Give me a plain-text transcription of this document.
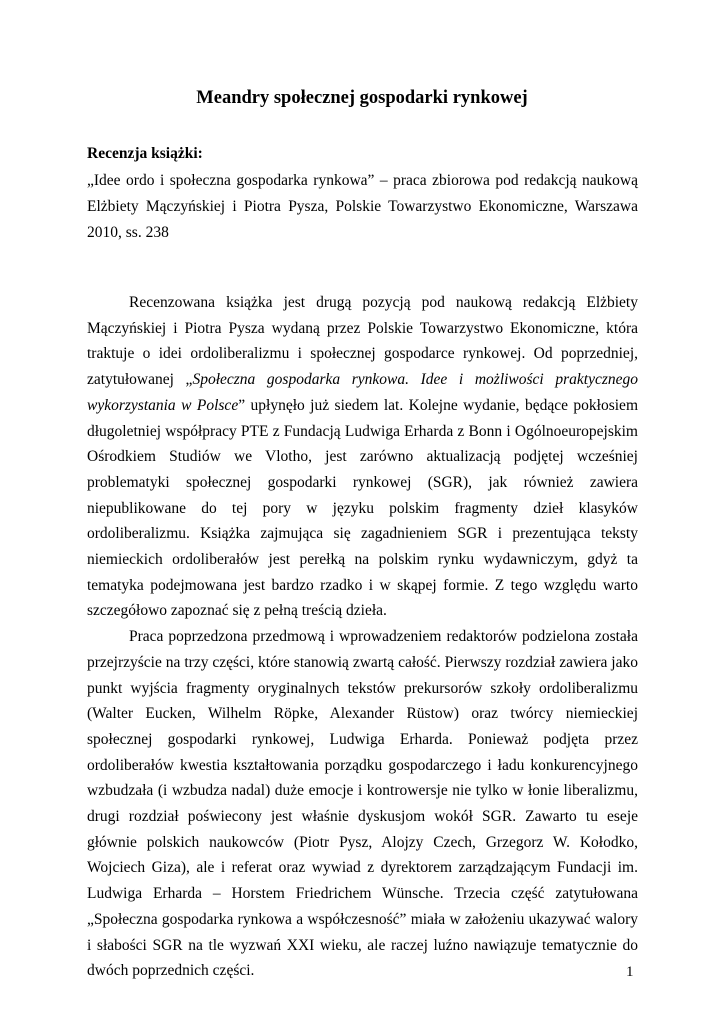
Meandry społecznej gospodarki rynkowej
Recenzja książki:
„Idee ordo i społeczna gospodarka rynkowa” – praca zbiorowa pod redakcją naukową Elżbiety Mączyńskiej i Piotra Pysza, Polskie Towarzystwo Ekonomiczne, Warszawa 2010, ss. 238

Recenzowana książka jest drugą pozycją pod naukową redakcją Elżbiety Mączyńskiej i Piotra Pysza wydaną przez Polskie Towarzystwo Ekonomiczne, która traktuje o idei ordoliberalizmu i społecznej gospodarce rynkowej. Od poprzedniej, zatytułowanej „Społeczna gospodarka rynkowa. Idee i możliwości praktycznego wykorzystania w Polsce” upłynęło już siedem lat. Kolejne wydanie, będące pokłosiem długoletniej współpracy PTE z Fundacją Ludwiga Erharda z Bonn i Ogólnoeuropejskim Ośrodkiem Studiów we Vlotho, jest zarówno aktualizacją podjętej wcześniej problematyki społecznej gospodarki rynkowej (SGR), jak również zawiera niepublikowane do tej pory w języku polskim fragmenty dzieł klasyków ordoliberalizmu. Książka zajmująca się zagadnieniem SGR i prezentująca teksty niemieckich ordoliberałów jest perełką na polskim rynku wydawniczym, gdyż ta tematyka podejmowana jest bardzo rzadko i w skąpej formie. Z tego względu warto szczegółowo zapoznać się z pełną treścią dzieła.

Praca poprzedzona przedmową i wprowadzeniem redaktorów podzielona została przejrzyście na trzy części, które stanowią zwartą całość. Pierwszy rozdział zawiera jako punkt wyjścia fragmenty oryginalnych tekstów prekursorów szkoły ordoliberalizmu (Walter Eucken, Wilhelm Röpke, Alexander Rüstow) oraz twórcy niemieckiej społecznej gospodarki rynkowej, Ludwiga Erharda. Ponieważ podjęta przez ordoliberałów kwestia kształtowania porządku gospodarczego i ładu konkurencyjnego wzbudzała (i wzbudza nadal) duże emocje i kontrowersje nie tylko w łonie liberalizmu, drugi rozdział poświecony jest właśnie dyskusjom wokół SGR. Zawarto tu eseje głównie polskich naukowców (Piotr Pysz, Alojzy Czech, Grzegorz W. Kołodko, Wojciech Giza), ale i referat oraz wywiad z dyrektorem zarządzającym Fundacji im. Ludwiga Erharda – Horstem Friedrichem Wünsche. Trzecia część zatytułowana „Społeczna gospodarka rynkowa a współczesność” miała w założeniu ukazywać walory i słabości SGR na tle wyzwań XXI wieku, ale raczej luźno nawiązuje tematycznie do dwóch poprzednich części.	1
